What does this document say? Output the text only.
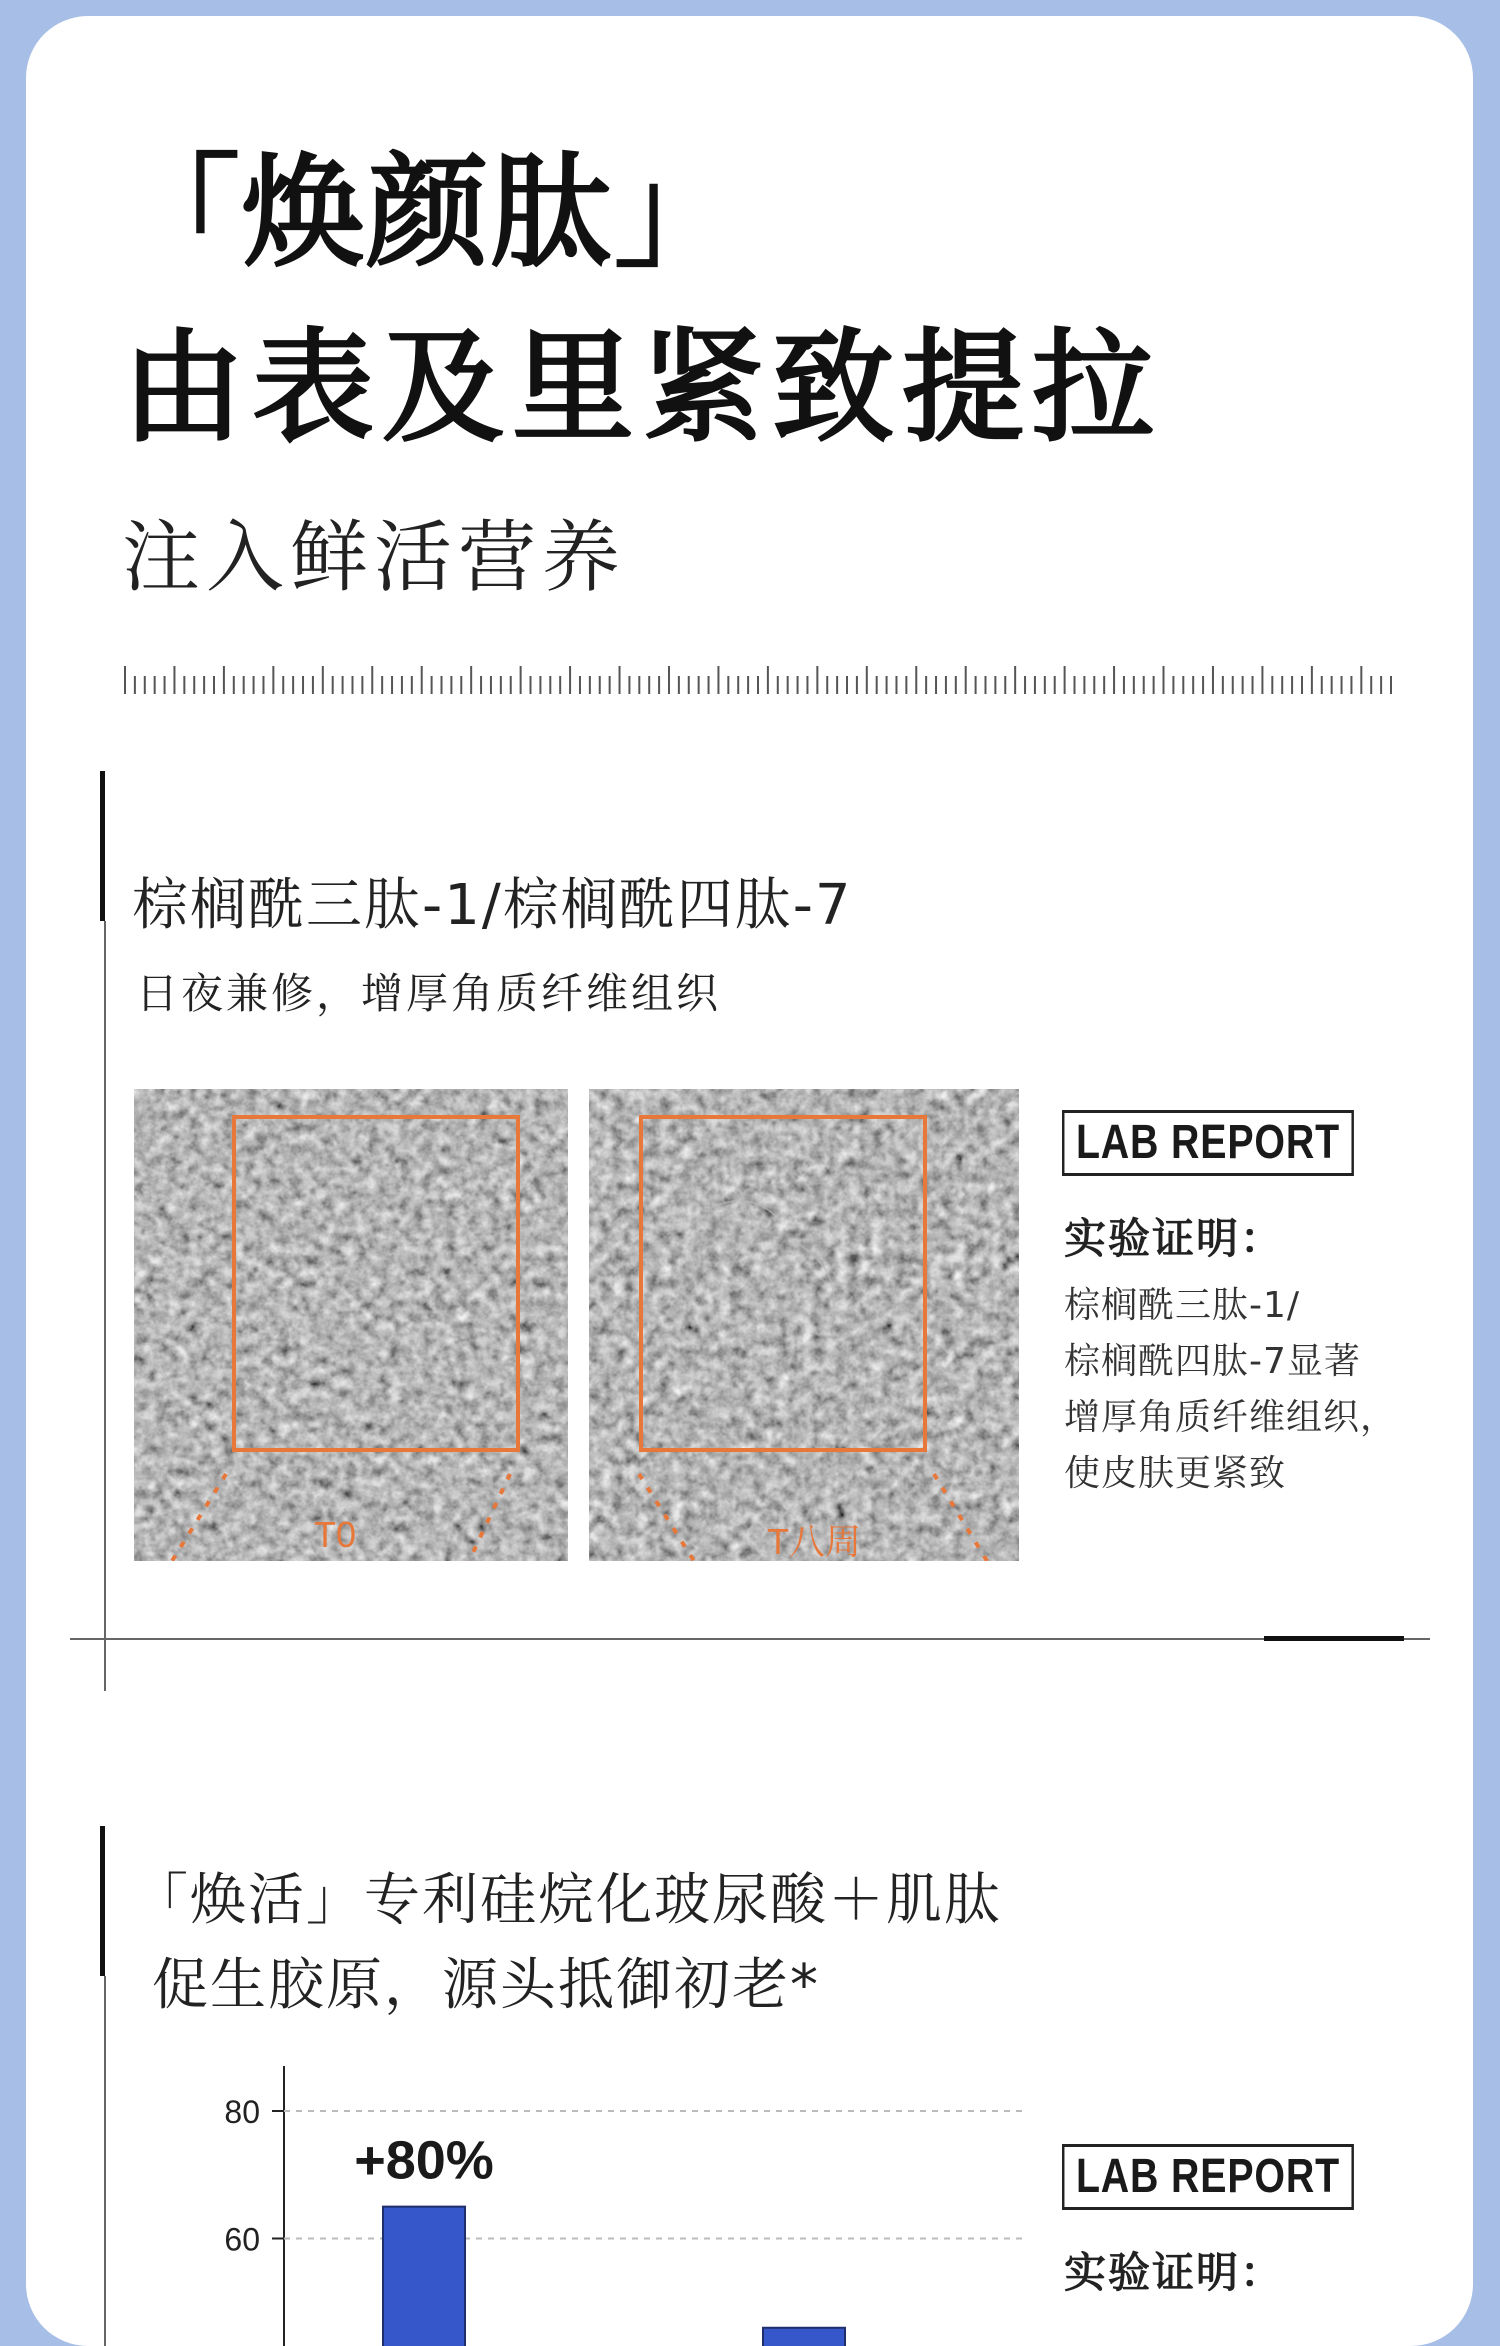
「焕颜肽」
由表及里紧致提拉
注入鲜活营养
棕榈酰三肽-1/棕榈酰四肽-7
日夜兼修，增厚角质纤维组织
T0	T八周
LAB REPORT
实验证明：
棕榈酰三肽-1/
棕榈酰四肽-7显著
增厚角质纤维组织，
使皮肤更紧致
「焕活」专利硅烷化玻尿酸＋肌肽
促生胶原，源头抵御初老*
60
80
+80%	LAB REPORT
实验证明：
